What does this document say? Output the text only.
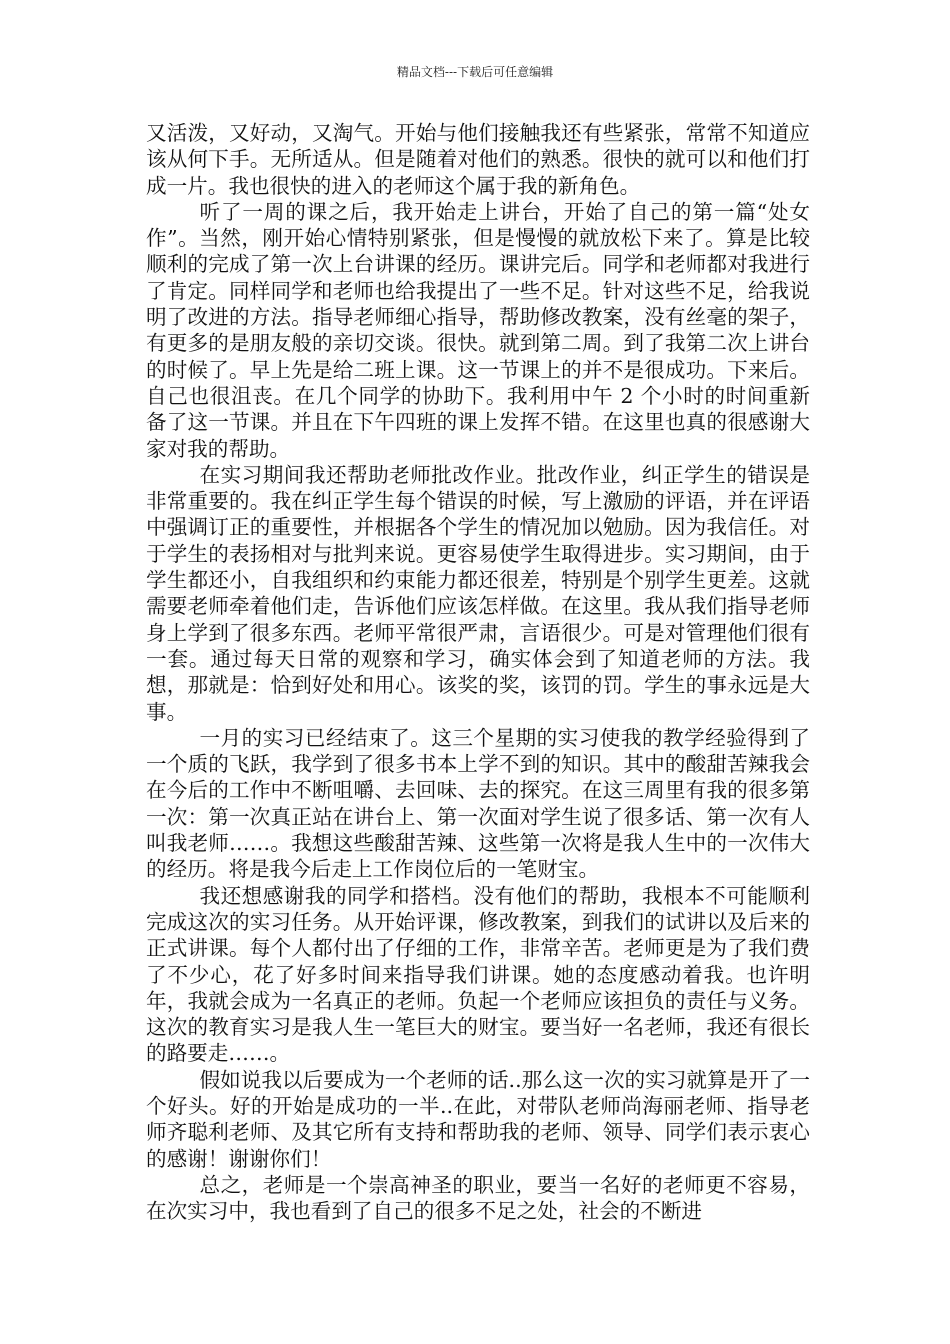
精品文档---下载后可任意编辑

又活泼，又好动，又淘气。开始与他们接触我还有些紧张，常常不知道应该从何下手。无所适从。但是随着对他们的熟悉。很快的就可以和他们打成一片。我也很快的进入的老师这个属于我的新角色。

听了一周的课之后，我开始走上讲台，开始了自己的第一篇“处女作”。当然，刚开始心情特别紧张，但是慢慢的就放松下来了。算是比较顺利的完成了第一次上台讲课的经历。课讲完后。同学和老师都对我进行了肯定。同样同学和老师也给我提出了一些不足。针对这些不足，给我说明了改进的方法。指导老师细心指导，帮助修改教案，没有丝毫的架子，有更多的是朋友般的亲切交谈。很快。就到第二周。到了我第二次上讲台的时候了。早上先是给二班上课。这一节课上的并不是很成功。下来后。自己也很沮丧。在几个同学的协助下。我利用中午 2 个小时的时间重新备了这一节课。并且在下午四班的课上发挥不错。在这里也真的很感谢大家对我的帮助。

在实习期间我还帮助老师批改作业。批改作业，纠正学生的错误是非常重要的。我在纠正学生每个错误的时候，写上激励的评语，并在评语中强调订正的重要性，并根据各个学生的情况加以勉励。因为我信任。对于学生的表扬相对与批判来说。更容易使学生取得进步。实习期间，由于学生都还小，自我组织和约束能力都还很差，特别是个别学生更差。这就需要老师牵着他们走，告诉他们应该怎样做。在这里。我从我们指导老师身上学到了很多东西。老师平常很严肃，言语很少。可是对管理他们很有一套。通过每天日常的观察和学习，确实体会到了知道老师的方法。我想，那就是：恰到好处和用心。该奖的奖，该罚的罚。学生的事永远是大事。

一月的实习已经结束了。这三个星期的实习使我的教学经验得到了一个质的飞跃，我学到了很多书本上学不到的知识。其中的酸甜苦辣我会在今后的工作中不断咀嚼、去回味、去的探究。在这三周里有我的很多第一次：第一次真正站在讲台上、第一次面对学生说了很多话、第一次有人叫我老师……。我想这些酸甜苦辣、这些第一次将是我人生中的一次伟大的经历。将是我今后走上工作岗位后的一笔财宝。

我还想感谢我的同学和搭档。没有他们的帮助，我根本不可能顺利完成这次的实习任务。从开始评课，修改教案，到我们的试讲以及后来的正式讲课。每个人都付出了仔细的工作，非常辛苦。老师更是为了我们费了不少心，花了好多时间来指导我们讲课。她的态度感动着我。也许明年，我就会成为一名真正的老师。负起一个老师应该担负的责任与义务。这次的教育实习是我人生一笔巨大的财宝。要当好一名老师，我还有很长的路要走……。

假如说我以后要成为一个老师的话..那么这一次的实习就算是开了一个好头。好的开始是成功的一半..在此，对带队老师尚海丽老师、指导老师齐聪利老师、及其它所有支持和帮助我的老师、领导、同学们表示衷心的感谢！谢谢你们！

总之，老师是一个崇高神圣的职业，要当一名好的老师更不容易，在次实习中，我也看到了自己的很多不足之处，社会的不断进
